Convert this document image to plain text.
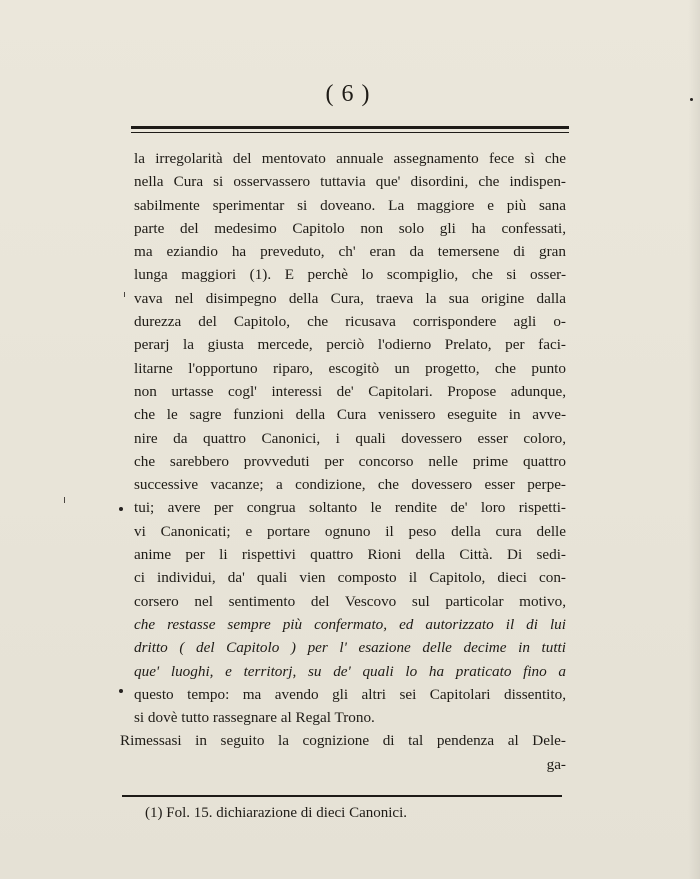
( 6 )
la irregolarità del mentovato annuale assegnamento fece sì che
nella Cura si osservassero tuttavia que' disordini, che indispen-
sabilmente sperimentar si doveano. La maggiore e più sana
parte del medesimo Capitolo non solo gli ha confessati,
ma eziandio ha preveduto, ch' eran da temersene di gran
lunga maggiori (1). E perchè lo scompiglio, che si osser-
vava nel disimpegno della Cura, traeva la sua origine dalla
durezza del Capitolo, che ricusava corrispondere agli o-
perarj la giusta mercede, perciò l'odierno Prelato, per faci-
litarne l'opportuno riparo, escogitò un progetto, che punto
non urtasse cogl' interessi de' Capitolari. Propose adunque,
che le sagre funzioni della Cura venissero eseguite in avve-
nire da quattro Canonici, i quali dovessero esser coloro,
che sarebbero provveduti per concorso nelle prime quattro
successive vacanze; a condizione, che dovessero esser perpe-
tui; avere per congrua soltanto le rendite de' loro rispetti-
vi Canonicati; e portare ognuno il peso della cura delle
anime per li rispettivi quattro Rioni della Città. Di sedi-
ci individui, da' quali vien composto il Capitolo, dieci con-
corsero nel sentimento del Vescovo sul particolar motivo,
che restasse sempre più confermato, ed autorizzato il di lui
dritto ( del Capitolo ) per l' esazione delle decime in tutti
que' luoghi, e territorj, su de' quali lo ha praticato fino a
questo tempo: ma avendo gli altri sei Capitolari dissentito,
si dovè tutto rassegnare al Regal Trono.
Rimessasi in seguito la cognizione di tal pendenza al Dele-
ga-
(1) Fol. 15. dichiarazione di dieci Canonici.
